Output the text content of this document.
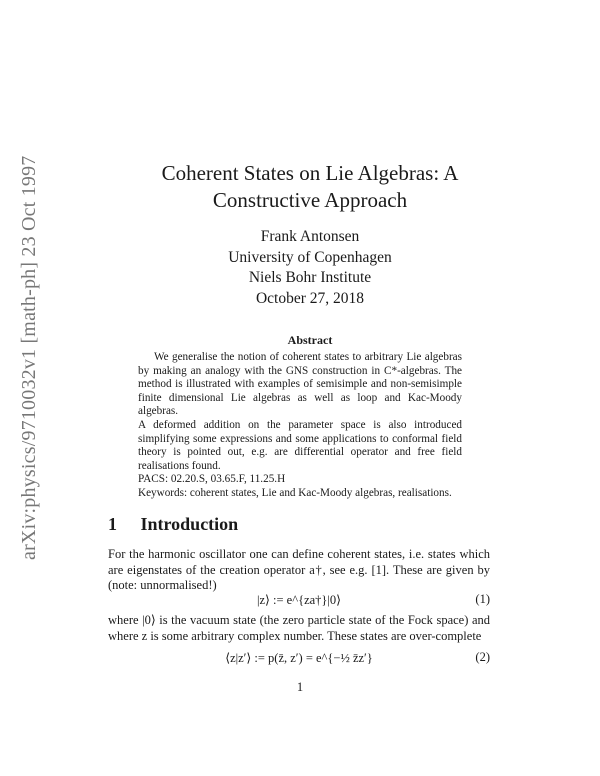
arXiv:physics/9710032v1 [math-ph] 23 Oct 1997	Coherent States on Lie Algebras: A
Constructive Approach
Frank Antonsen
University of Copenhagen
Niels Bohr Institute
October 27, 2018
Abstract

We generalise the notion of coherent states to arbitrary Lie algebras by making an analogy with the GNS construction in C*-algebras. The method is illustrated with examples of semisimple and non-semisimple finite dimensional Lie algebras as well as loop and Kac-Moody algebras.

A deformed addition on the parameter space is also introduced simplifying some expressions and some applications to conformal field theory is pointed out, e.g. are differential operator and free field realisations found.

PACS: 02.20.S, 03.65.F, 11.25.H

Keywords: coherent states, Lie and Kac-Moody algebras, realisations.

1 Introduction

For the harmonic oscillator one can define coherent states, i.e. states which are eigenstates of the creation operator a†, see e.g. [1]. These are given by (note: unnormalised!)

|z⟩ := e^{za†}|0⟩	(1)

where |0⟩ is the vacuum state (the zero particle state of the Fock space) and where z is some arbitrary complex number. These states are over-complete

⟨z|z′⟩ := p(z̄, z′) = e^{−½ z̄z′}	(2)
1
